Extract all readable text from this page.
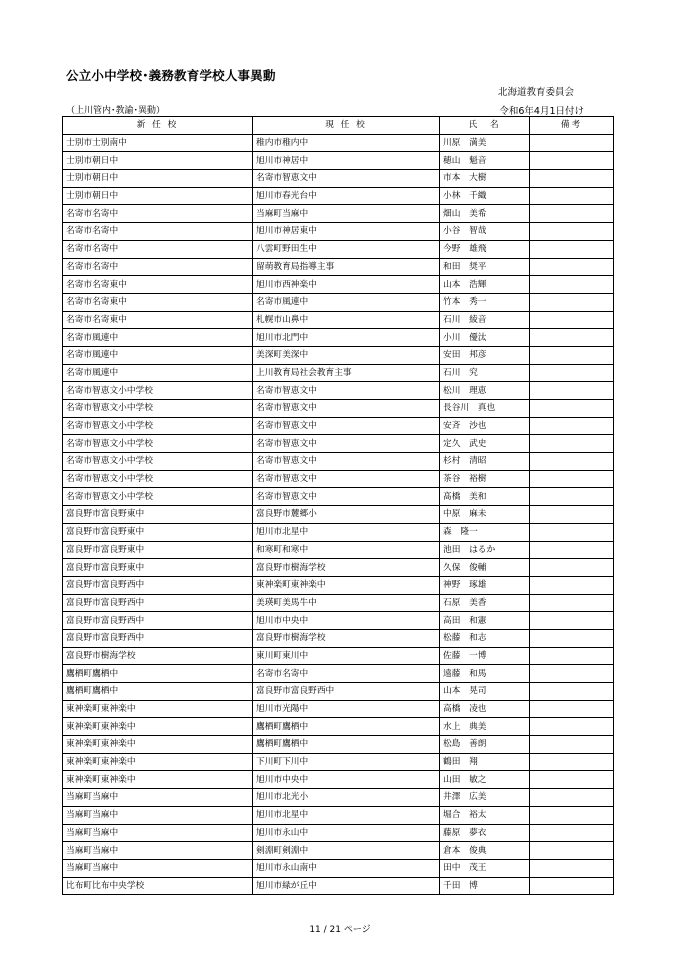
公立小中学校･義務教育学校人事異動
北海道教育委員会
（上川管内･教諭･異動）	令和6年4月1日付け
新 任 校	現 任 校	氏　名	備考
士別市士別南中	稚内市稚内中	川原　満美	
士別市朝日中	旭川市神居中	穂山　魁音	
士別市朝日中	名寄市智恵文中	市本　大樹	
士別市朝日中	旭川市春光台中	小林　千織	
名寄市名寄中	当麻町当麻中	畑山　美希	
名寄市名寄中	旭川市神居東中	小谷　智哉	
名寄市名寄中	八雲町野田生中	今野　雄飛	
名寄市名寄中	留萌教育局指導主事	和田　奨平	
名寄市名寄東中	旭川市西神楽中	山本　浩輝	
名寄市名寄東中	名寄市風連中	竹本　秀一	
名寄市名寄東中	札幌市山鼻中	石川　綾音	
名寄市風連中	旭川市北門中	小川　優汰	
名寄市風連中	美深町美深中	安田　邦彦	
名寄市風連中	上川教育局社会教育主事	石川　究	
名寄市智恵文小中学校	名寄市智恵文中	松川　理恵	
名寄市智恵文小中学校	名寄市智恵文中	長谷川　真也	
名寄市智恵文小中学校	名寄市智恵文中	安斉　沙也	
名寄市智恵文小中学校	名寄市智恵文中	定久　武史	
名寄市智恵文小中学校	名寄市智恵文中	杉村　清昭	
名寄市智恵文小中学校	名寄市智恵文中	茶谷　裕樹	
名寄市智恵文小中学校	名寄市智恵文中	髙橋　美和	
富良野市富良野東中	富良野市麓郷小	中原　麻未	
富良野市富良野東中	旭川市北星中	森　隆一	
富良野市富良野東中	和寒町和寒中	池田　はるか	
富良野市富良野東中	富良野市樹海学校	久保　俊輔	
富良野市富良野西中	東神楽町東神楽中	神野　琢雄	
富良野市富良野西中	美瑛町美馬牛中	石原　美香	
富良野市富良野西中	旭川市中央中	高田　和憲	
富良野市富良野西中	富良野市樹海学校	松藤　和志	
富良野市樹海学校	東川町東川中	佐藤　一博	
鷹栖町鷹栖中	名寄市名寄中	遠藤　和馬	
鷹栖町鷹栖中	富良野市富良野西中	山本　晃司	
東神楽町東神楽中	旭川市光陽中	高橋　凌也	
東神楽町東神楽中	鷹栖町鷹栖中	水上　典美	
東神楽町東神楽中	鷹栖町鷹栖中	松島　善朗	
東神楽町東神楽中	下川町下川中	鶴田　翔	
東神楽町東神楽中	旭川市中央中	山田　敏之	
当麻町当麻中	旭川市北光小	井澤　広美	
当麻町当麻中	旭川市北星中	堀合　裕太	
当麻町当麻中	旭川市永山中	藤原　夢衣	
当麻町当麻中	剣淵町剣淵中	倉本　俊典	
当麻町当麻中	旭川市永山南中	田中　茂王	
比布町比布中央学校	旭川市緑が丘中	千田　博	
11 / 21 ページ
